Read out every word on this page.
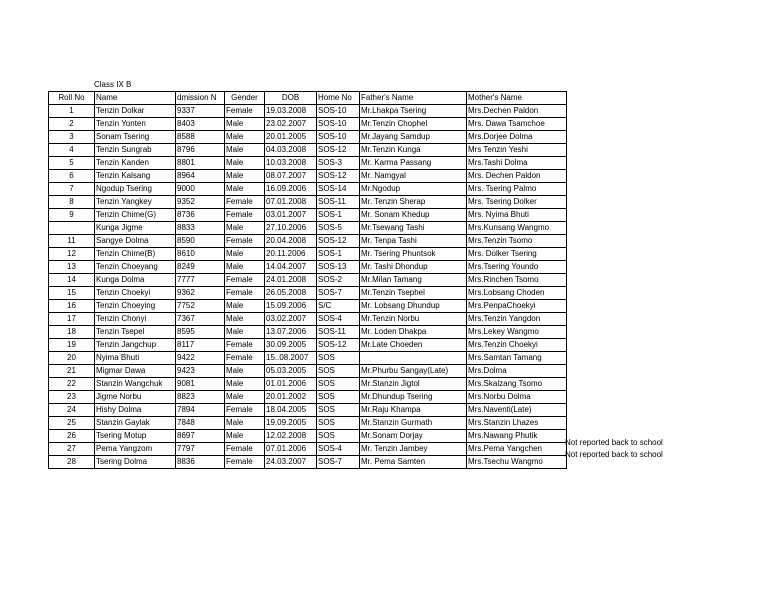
Class IX B
Roll No	Name	dmission N	Gender	DOB	Home No	Father's Name	Mother's Name
1	Tenzin Dolkar	9337	Female	19.03.2008	SOS-10	Mr.Lhakpa Tsering	Mrs.Dechen Paldon
2	Tenzin Yonten	8403	Male	23.02.2007	SOS-10	Mr.Tenzin Chophel	Mrs. Dawa Tsamchoe
3	Sonam Tsering	8588	Male	20.01.2005	SOS-10	Mr.Jayang Samdup	Mrs.Dorjee Dolma
4	Tenzin Sungrab	8796	Male	04.03.2008	SOS-12	Mr.Tenzin Kunga	Mrs Tenzin Yeshi
5	Tenzin Kanden	8801	Male	10.03.2008	SOS-3	Mr. Karma Passang	Mrs.Tashi Dolma
6	Tenzin Kalsang	8964	Male	08.07.2007	SOS-12	Mr. Namgyal	Mrs. Dechen Paldon
7	Ngodup Tsering	9000	Male	16.09.2006	SOS-14	Mr.Ngodup	Mrs. Tsering Palmo
8	Tenzin Yangkey	9352	Female	07.01.2008	SOS-11	Mr. Tenzin Sherap	Mrs. Tsering Dolker
9	Tenzin Chime(G)	8736	Female	03.01.2007	SOS-1	Mr. Sonam Khedup	Mrs. Nyima Bhuti
	Kunga Jigme	8833	Male	27.10.2006	SOS-5	Mr.Tsewang Tashi	Mrs.Kunsang Wangmo
11	Sangye Dolma	8590	Female	20.04.2008	SOS-12	Mr. Tenpa Tashi	Mrs.Tenzin Tsomo
12	Tenzin Chime(B)	8610	Male	20.11.2006	SOS-1	Mr. Tsering Phuntsok	Mrs. Dolker Tsering
13	Tenzin Choeyang	8249	Male	14.04.2007	SOS-13	Mr. Tashi Dhondup	Mrs.Tsering Youndo
14	Kunga Dolma	7777	Female	24.01.2008	SOS-2	Mr.Milan Tamang	Mrs.Rinchen Tsomo
15	Tenzin Choekyi	9362	Female	26.05.2008	SOS-7	Mr.Tenzin Tsephel	Mrs.Lobsang Choden
16	Tenzin Choeying	7752	Male	15.09.2006	S/C	Mr. Lobsang Dhundup	Mrs.PenpaChoekyi
17	Tenzin Chonyi	7367	Male	03.02.2007	SOS-4	Mr.Tenzin Norbu	Mrs.Tenzin Yangdon
18	Tenzin Tsepel	8595	Male	13.07.2006	SOS-11	Mr. Loden Dhakpa	Mrs.Lekey Wangmo
19	Tenzin Jangchup	8117	Female	30.09.2005	SOS-12	Mr.Late Choeden	Mrs.Tenzin Choekyi
20	Nyima Bhuti	9422	Female	15..08.2007	SOS		Mrs.Samtan Tamang
21	Migmar Dawa	9423	Male	05.03.2005	SOS	Mr.Phurbu Sangay(Late)	Mrs.Dolma
22	Stanzin Wangchuk	9081	Male	01.01.2006	SOS	Mr.Stanzin Jigtol	Mrs.Skalzang Tsomo
23	Jigme Norbu	8823	Male	20.01.2002	SOS	Mr.Dhundup Tsering	Mrs.Norbu Dolma
24	Hishy Dolma	7894	Female	18.04.2005	SOS	Mr.Raju Khampa	Mrs.Naventi(Late)
25	Stanzin Gaylak	7848	Male	19.09.2005	SOS	Mr.Stanzin Gurmath	Mrs.Stanzin Lhazes
26	Tsering Motup	8697	Male	12.02.2008	SOS	Mr.Sonam Dorjay	Mrs.Nawang Phutik
27	Pema Yangzom	7797	Female	07.01.2006	SOS-4	Mr. Tenzin Jambey	Mrs.Pema Yangchen
28	Tsering Dolma	8836	Female	24.03.2007	SOS-7	Mr. Pema Samten	Mrs.Tsechu Wangmo
Not reported back to school
Not reported back to school
